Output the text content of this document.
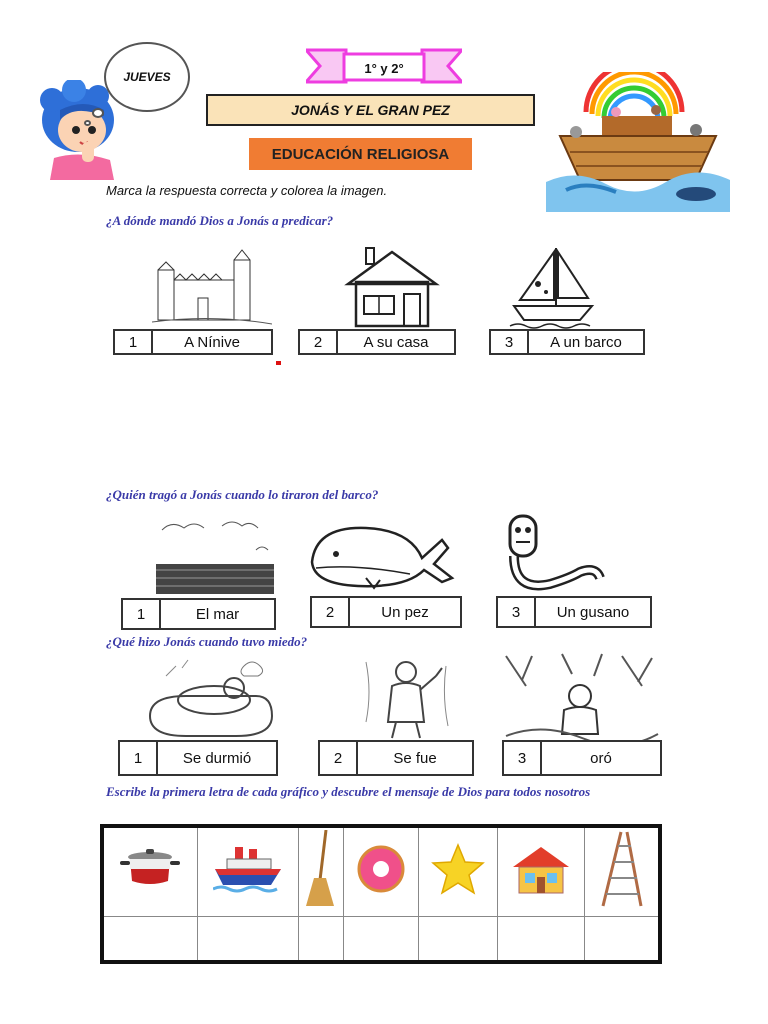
JUEVES
1° y 2°
JONÁS Y EL GRAN PEZ
EDUCACIÓN RELIGIOSA
Marca la respuesta correcta y colorea la imagen.
¿A dónde mandó Dios a Jonás a predicar?
1	A Nínive	2	A su casa	3	A un barco
¿Quién tragó a Jonás cuando lo tiraron del barco?
1	El mar	2	Un pez	3	Un gusano
¿Qué hizo Jonás cuando tuvo miedo?
1	Se durmió	2	Se fue	3	oró
Escribe la primera letra de cada gráfico y descubre el mensaje de Dios para todos nosotros
